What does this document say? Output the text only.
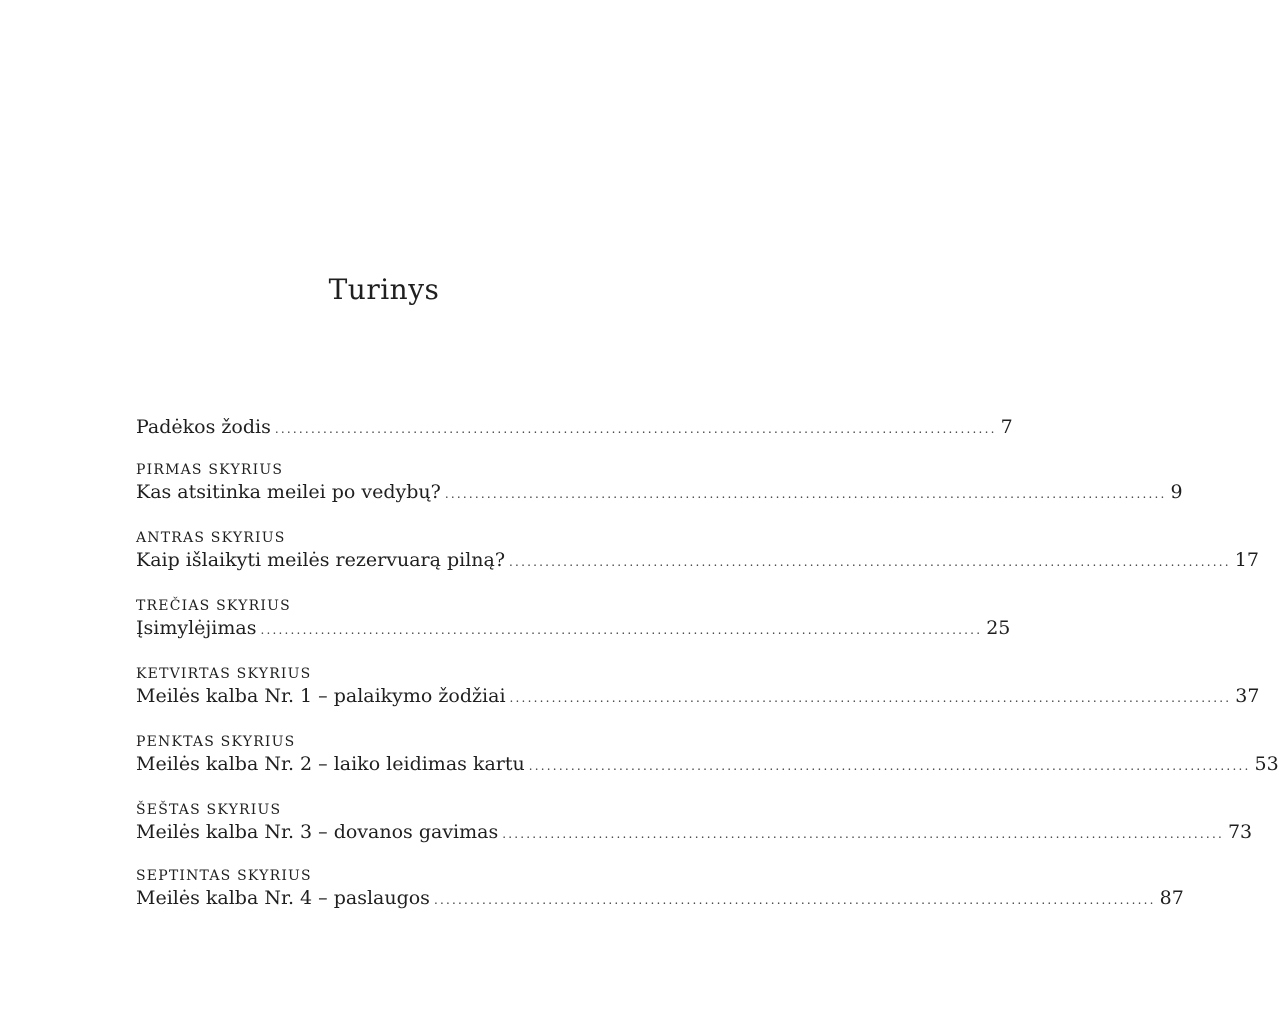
Turinys
Padėkos žodis ........................................................................................................................ 7
PIRMAS SKYRIUS
Kas atsitinka meilei po vedybų? ........................................................................................................................ 9
ANTRAS SKYRIUS
Kaip išlaikyti meilės rezervuarą pilną? ........................................................................................................................ 17
TREČIAS SKYRIUS
Įsimylėjimas ........................................................................................................................ 25
KETVIRTAS SKYRIUS
Meilės kalba Nr. 1 – palaikymo žodžiai ........................................................................................................................ 37
PENKTAS SKYRIUS
Meilės kalba Nr. 2 – laiko leidimas kartu ........................................................................................................................ 53
ŠEŠTAS SKYRIUS
Meilės kalba Nr. 3 – dovanos gavimas ........................................................................................................................ 73
SEPTINTAS SKYRIUS
Meilės kalba Nr. 4 – paslaugos ........................................................................................................................ 87
